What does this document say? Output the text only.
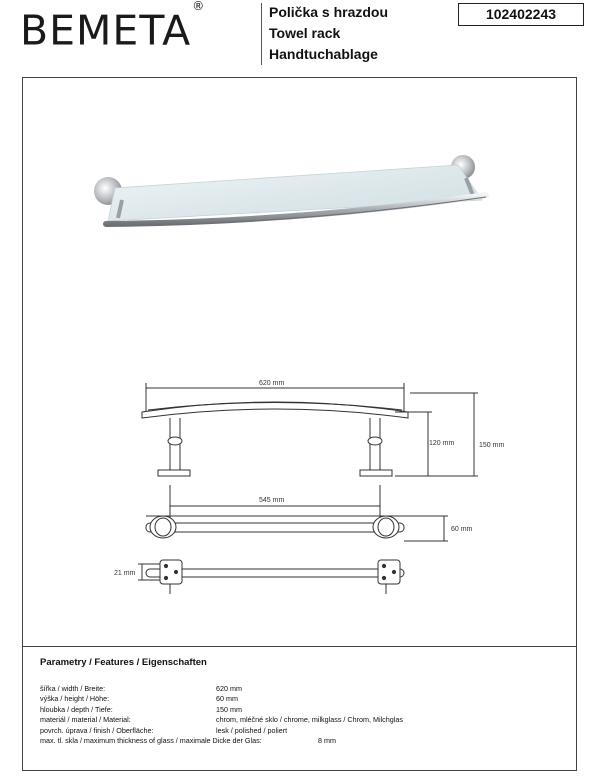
BEMETA®	Polička s hrazdou
Towel rack
Handtuchablage
102402243
620 mm
120 mm	150 mm
545 mm
60 mm
21 mm
Parametry / Features / Eigenschaften
šířka / width / Breite:	620 mm
výška / height / Höhe:	60 mm
hloubka / depth / Tiefe:	150 mm
materiál / material / Material:	chrom, mléčné sklo / chrome, milkglass / Chrom, Milchglas
povrch. úprava / finish / Oberfläche:	lesk / polished / poliert
max. tl. skla / maximum thickness of glass / maximale Dicke der Glas:	8 mm
